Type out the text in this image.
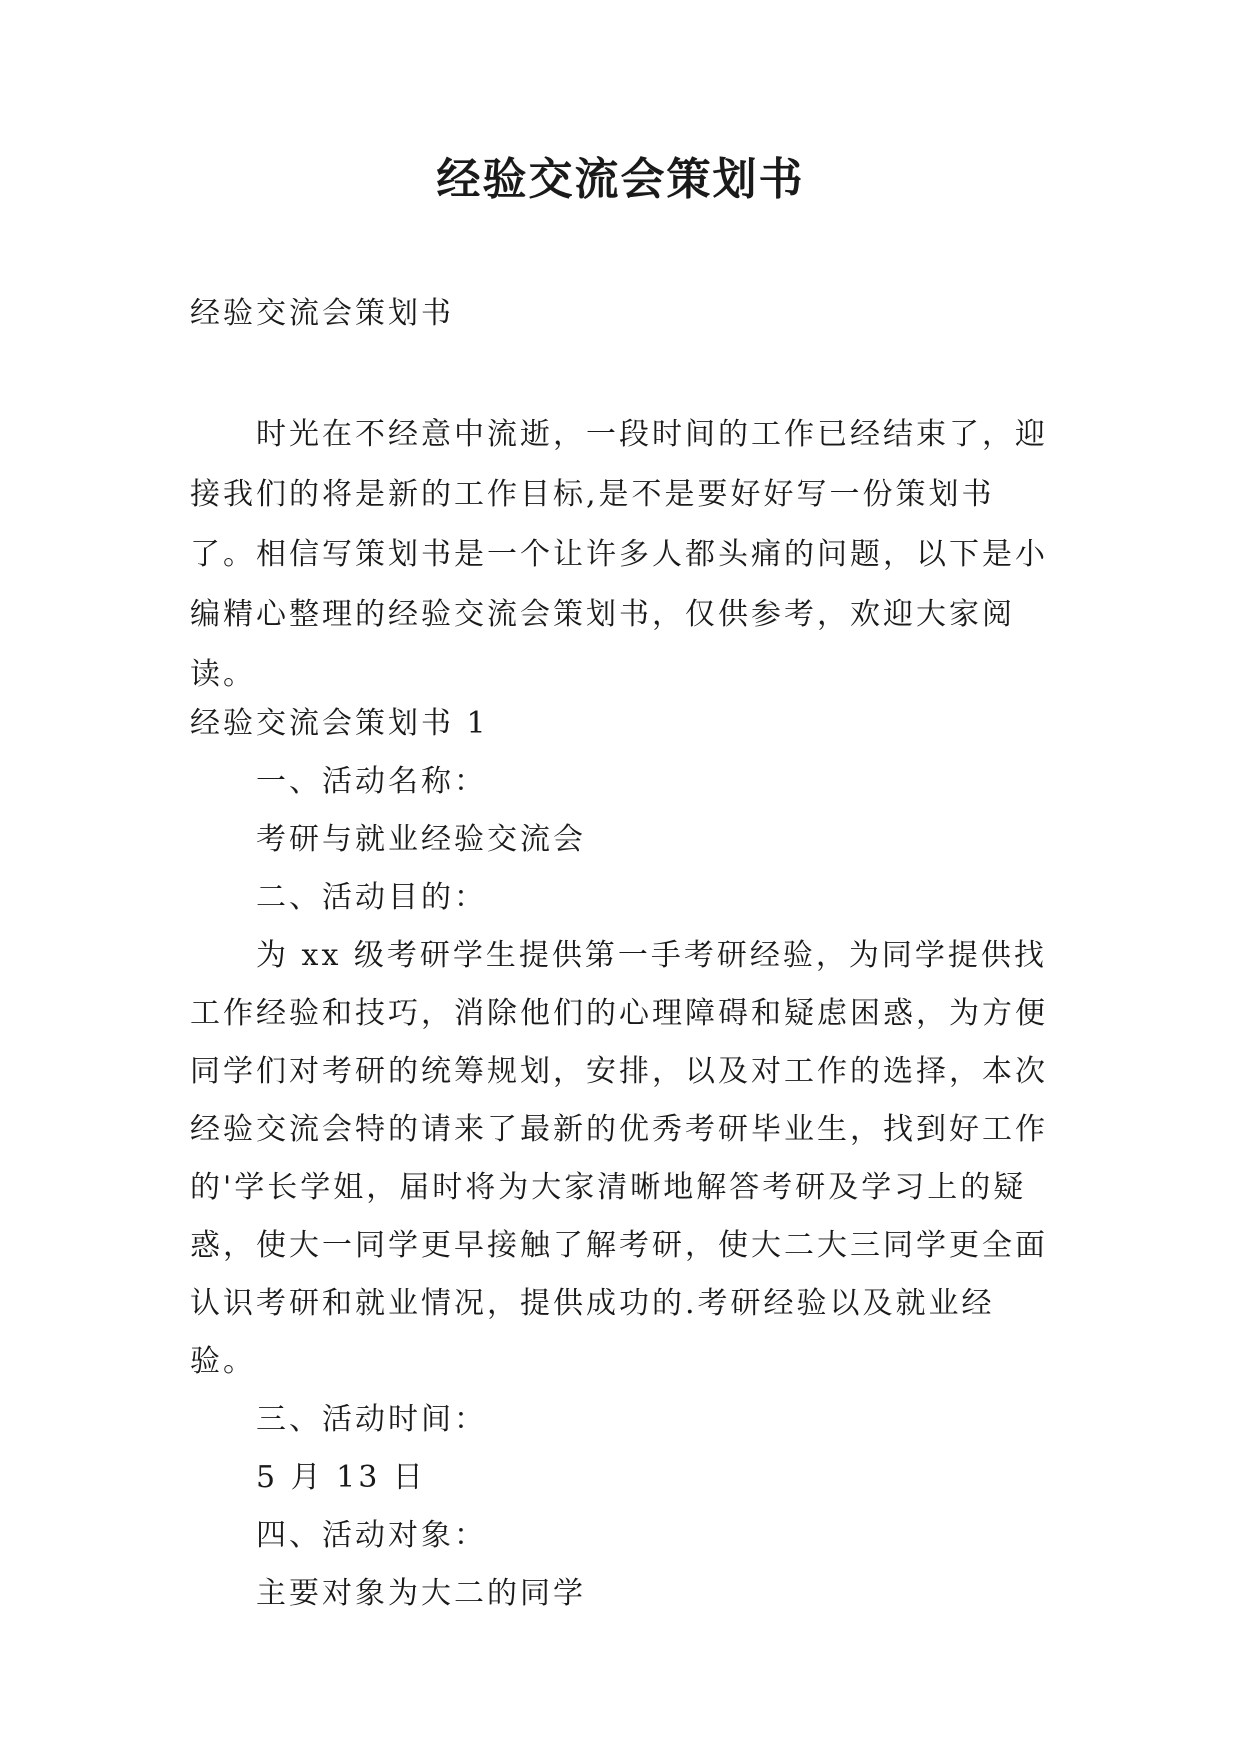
经验交流会策划书

经验交流会策划书

时光在不经意中流逝，一段时间的工作已经结束了，迎接我们的将是新的工作目标,是不是要好好写一份策划书了。相信写策划书是一个让许多人都头痛的问题，以下是小编精心整理的经验交流会策划书，仅供参考，欢迎大家阅读。

经验交流会策划书 1

一、活动名称：

考研与就业经验交流会

二、活动目的：

为 xx 级考研学生提供第一手考研经验，为同学提供找工作经验和技巧，消除他们的心理障碍和疑虑困惑，为方便同学们对考研的统筹规划，安排，以及对工作的选择，本次经验交流会特的请来了最新的优秀考研毕业生，找到好工作的'学长学姐，届时将为大家清晰地解答考研及学习上的疑惑，使大一同学更早接触了解考研，使大二大三同学更全面认识考研和就业情况，提供成功的.考研经验以及就业经验。

三、活动时间：

5 月 13 日

四、活动对象：

主要对象为大二的同学
